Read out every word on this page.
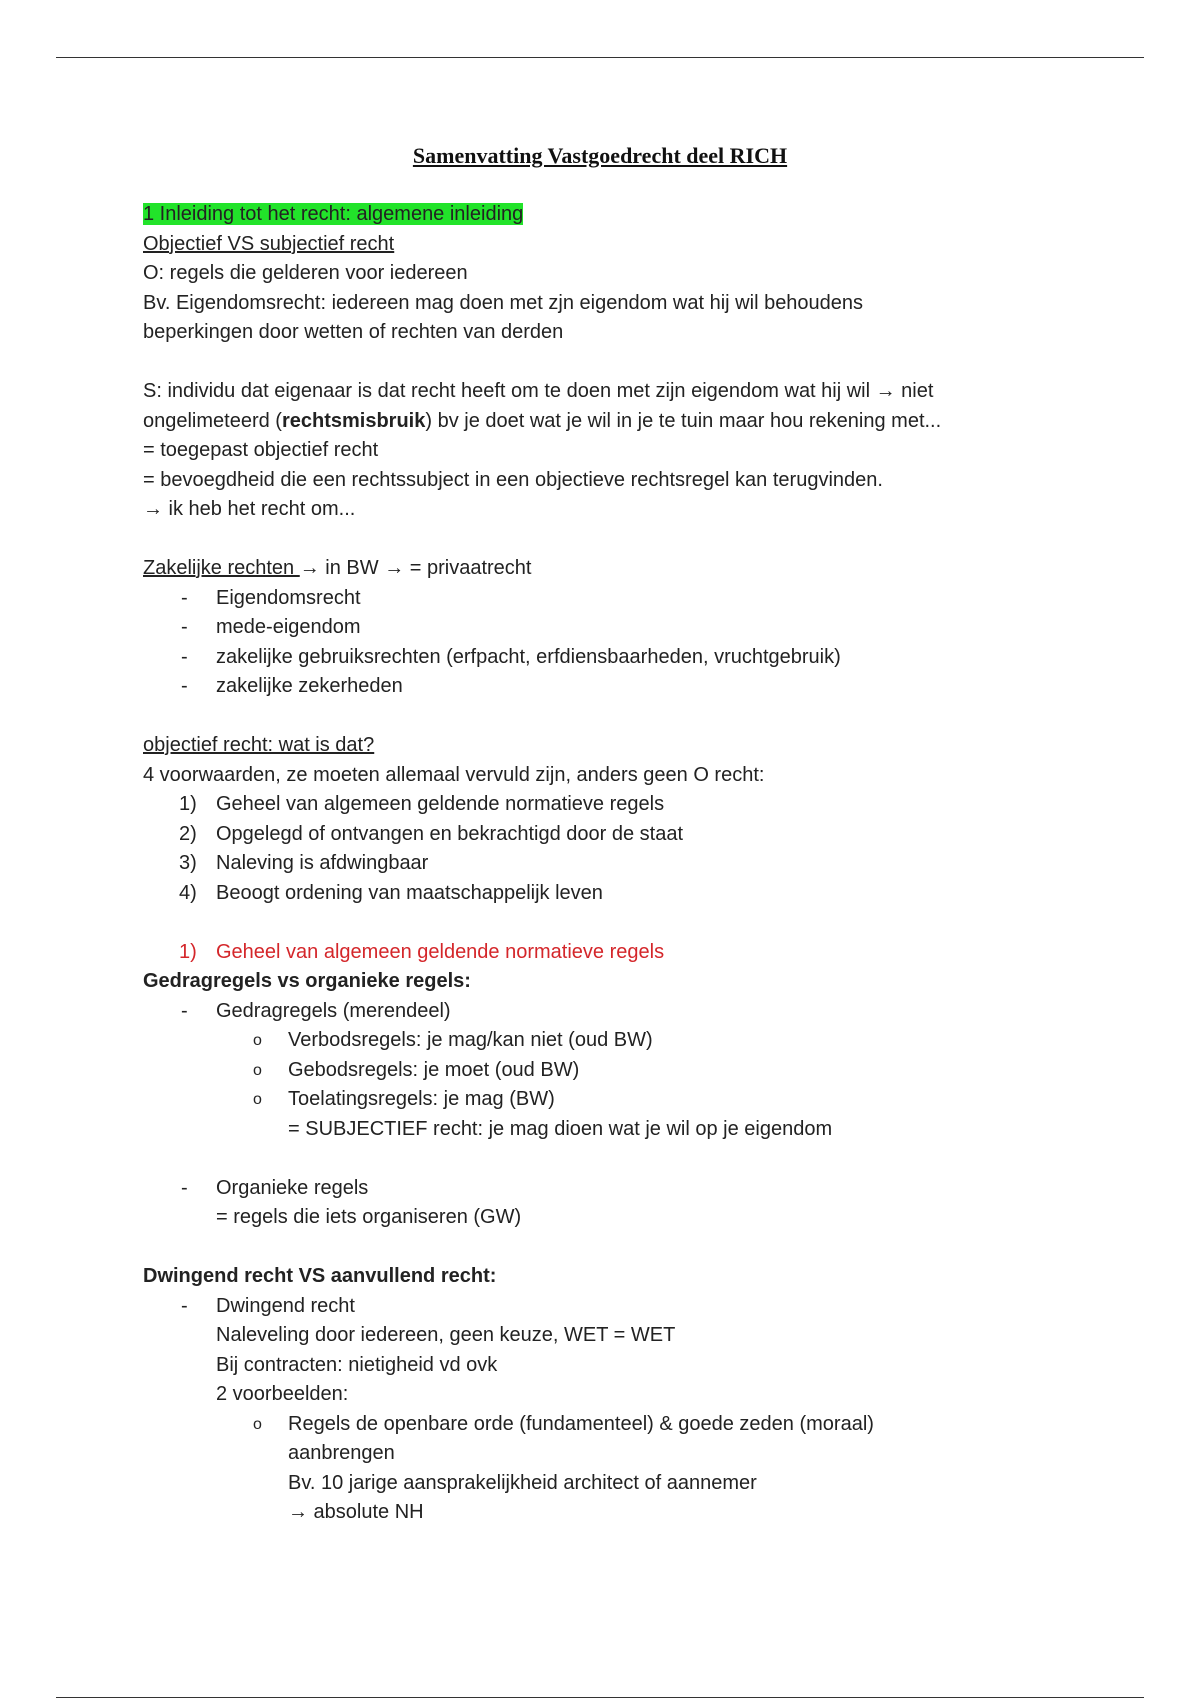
Samenvatting Vastgoedrecht deel RICH
1 Inleiding tot het recht: algemene inleiding
Objectief VS subjectief recht
O: regels die gelderen voor iedereen
Bv. Eigendomsrecht: iedereen mag doen met zjn eigendom wat hij wil behoudens
beperkingen door wetten of rechten van derden
S: individu dat eigenaar is dat recht heeft om te doen met zijn eigendom wat hij wil → niet
ongelimeteerd (rechtsmisbruik) bv je doet wat je wil in je te tuin maar hou rekening met...
= toegepast objectief recht
= bevoegdheid die een rechtssubject in een objectieve rechtsregel kan terugvinden.
→ ik heb het recht om...
Zakelijke rechten → in BW → = privaatrecht
- Eigendomsrecht
- mede-eigendom
- zakelijke gebruiksrechten (erfpacht, erfdiensbaarheden, vruchtgebruik)
- zakelijke zekerheden
objectief recht: wat is dat?
4 voorwaarden, ze moeten allemaal vervuld zijn, anders geen O recht:
1) Geheel van algemeen geldende normatieve regels
2) Opgelegd of ontvangen en bekrachtigd door de staat
3) Naleving is afdwingbaar
4) Beoogt ordening van maatschappelijk leven
1) Geheel van algemeen geldende normatieve regels
Gedragregels vs organieke regels:
- Gedragregels (merendeel)
o Verbodsregels: je mag/kan niet (oud BW)
o Gebodsregels: je moet (oud BW)
o Toelatingsregels: je mag (BW)
= SUBJECTIEF recht: je mag dioen wat je wil op je eigendom
- Organieke regels
= regels die iets organiseren (GW)
Dwingend recht VS aanvullend recht:
- Dwingend recht
Naleveling door iedereen, geen keuze, WET = WET
Bij contracten: nietigheid vd ovk
2 voorbeelden:
o Regels de openbare orde (fundamenteel) & goede zeden (moraal)
aanbrengen
Bv. 10 jarige aansprakelijkheid architect of aannemer
→ absolute NH
